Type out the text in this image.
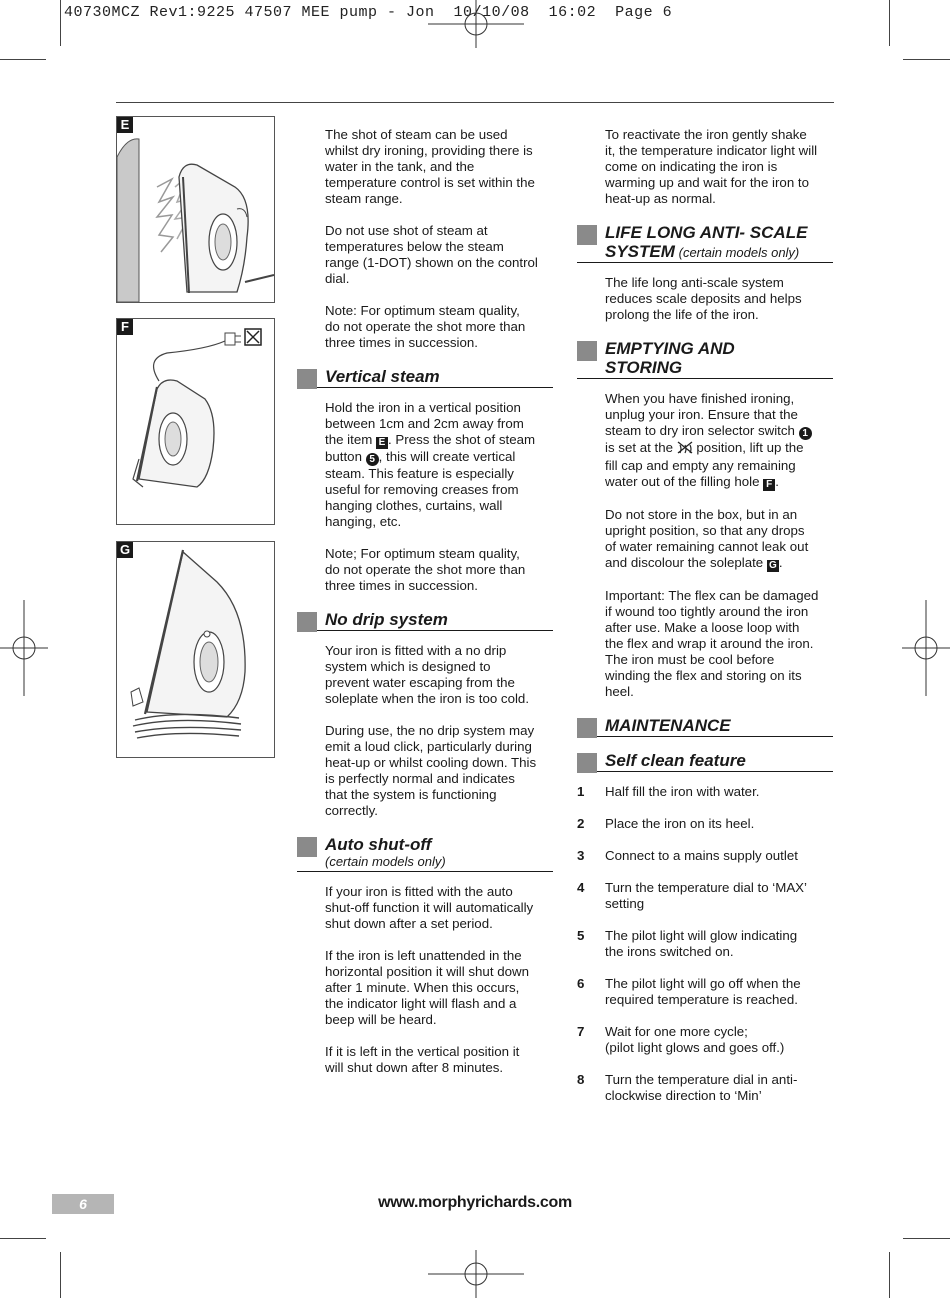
40730MCZ Rev1:9225 47507 MEE pump - Jon  10/10/08  16:02  Page 6
E
F
G

The shot of steam can be used
whilst dry ironing, providing there is
water in the tank, and the
temperature control is set within the
steam range.

Do not use shot of steam at
temperatures below the steam
range (1-DOT) shown on the control
dial.

Note: For optimum steam quality,
do not operate the shot more than
three times in succession.

Vertical steam

Hold the iron in a vertical position
between 1cm and 2cm away from
the item E . Press the shot of steam
button 5 , this will create vertical
steam. This feature is especially
useful for removing creases from
hanging clothes, curtains, wall
hanging, etc.

Note; For optimum steam quality,
do not operate the shot more than
three times in succession.

No drip system

Your iron is fitted with a no drip
system which is designed to
prevent water escaping from the
soleplate when the iron is too cold.

During use, the no drip system may
emit a loud click, particularly during
heat-up or whilst cooling down. This
is perfectly normal and indicates
that the system is functioning
correctly.

Auto shut-off
(certain models only)

If your iron is fitted with the auto
shut-off function it will automatically
shut down after a set period.

If the iron is left unattended in the
horizontal position it will shut down
after 1 minute. When this occurs,
the indicator light will flash and a
beep will be heard.

If it is left in the vertical position it
will shut down after 8 minutes.

To reactivate the iron gently shake
it, the temperature indicator light will
come on indicating the iron is
warming up and wait for the iron to
heat-up as normal.

LIFE LONG ANTI- SCALE
SYSTEM (certain models only)

The life long anti-scale system
reduces scale deposits and helps
prolong the life of the iron.

EMPTYING AND
STORING

When you have finished ironing,
unplug your iron. Ensure that the
steam to dry iron selector switch 1
is set at the  position, lift up the
fill cap and empty any remaining
water out of the filling hole F .

Do not store in the box, but in an
upright position, so that any drops
of water remaining cannot leak out
and discolour the soleplate G .

Important: The flex can be damaged
if wound too tightly around the iron
after use. Make a loose loop with
the flex and wrap it around the iron.
The iron must be cool before
winding the flex and storing on its
heel.

MAINTENANCE
Self clean feature
1 Half fill the iron with water.
2 Place the iron on its heel.
3 Connect to a mains supply outlet
4 Turn the temperature dial to ‘MAX’
setting
5 The pilot light will glow indicating
the irons switched on.
6 The pilot light will go off when the
required temperature is reached.
7 Wait for one more cycle;
(pilot light glows and goes off.)
8 Turn the temperature dial in anti-
clockwise direction to ‘Min’
6	www.morphyrichards.com
